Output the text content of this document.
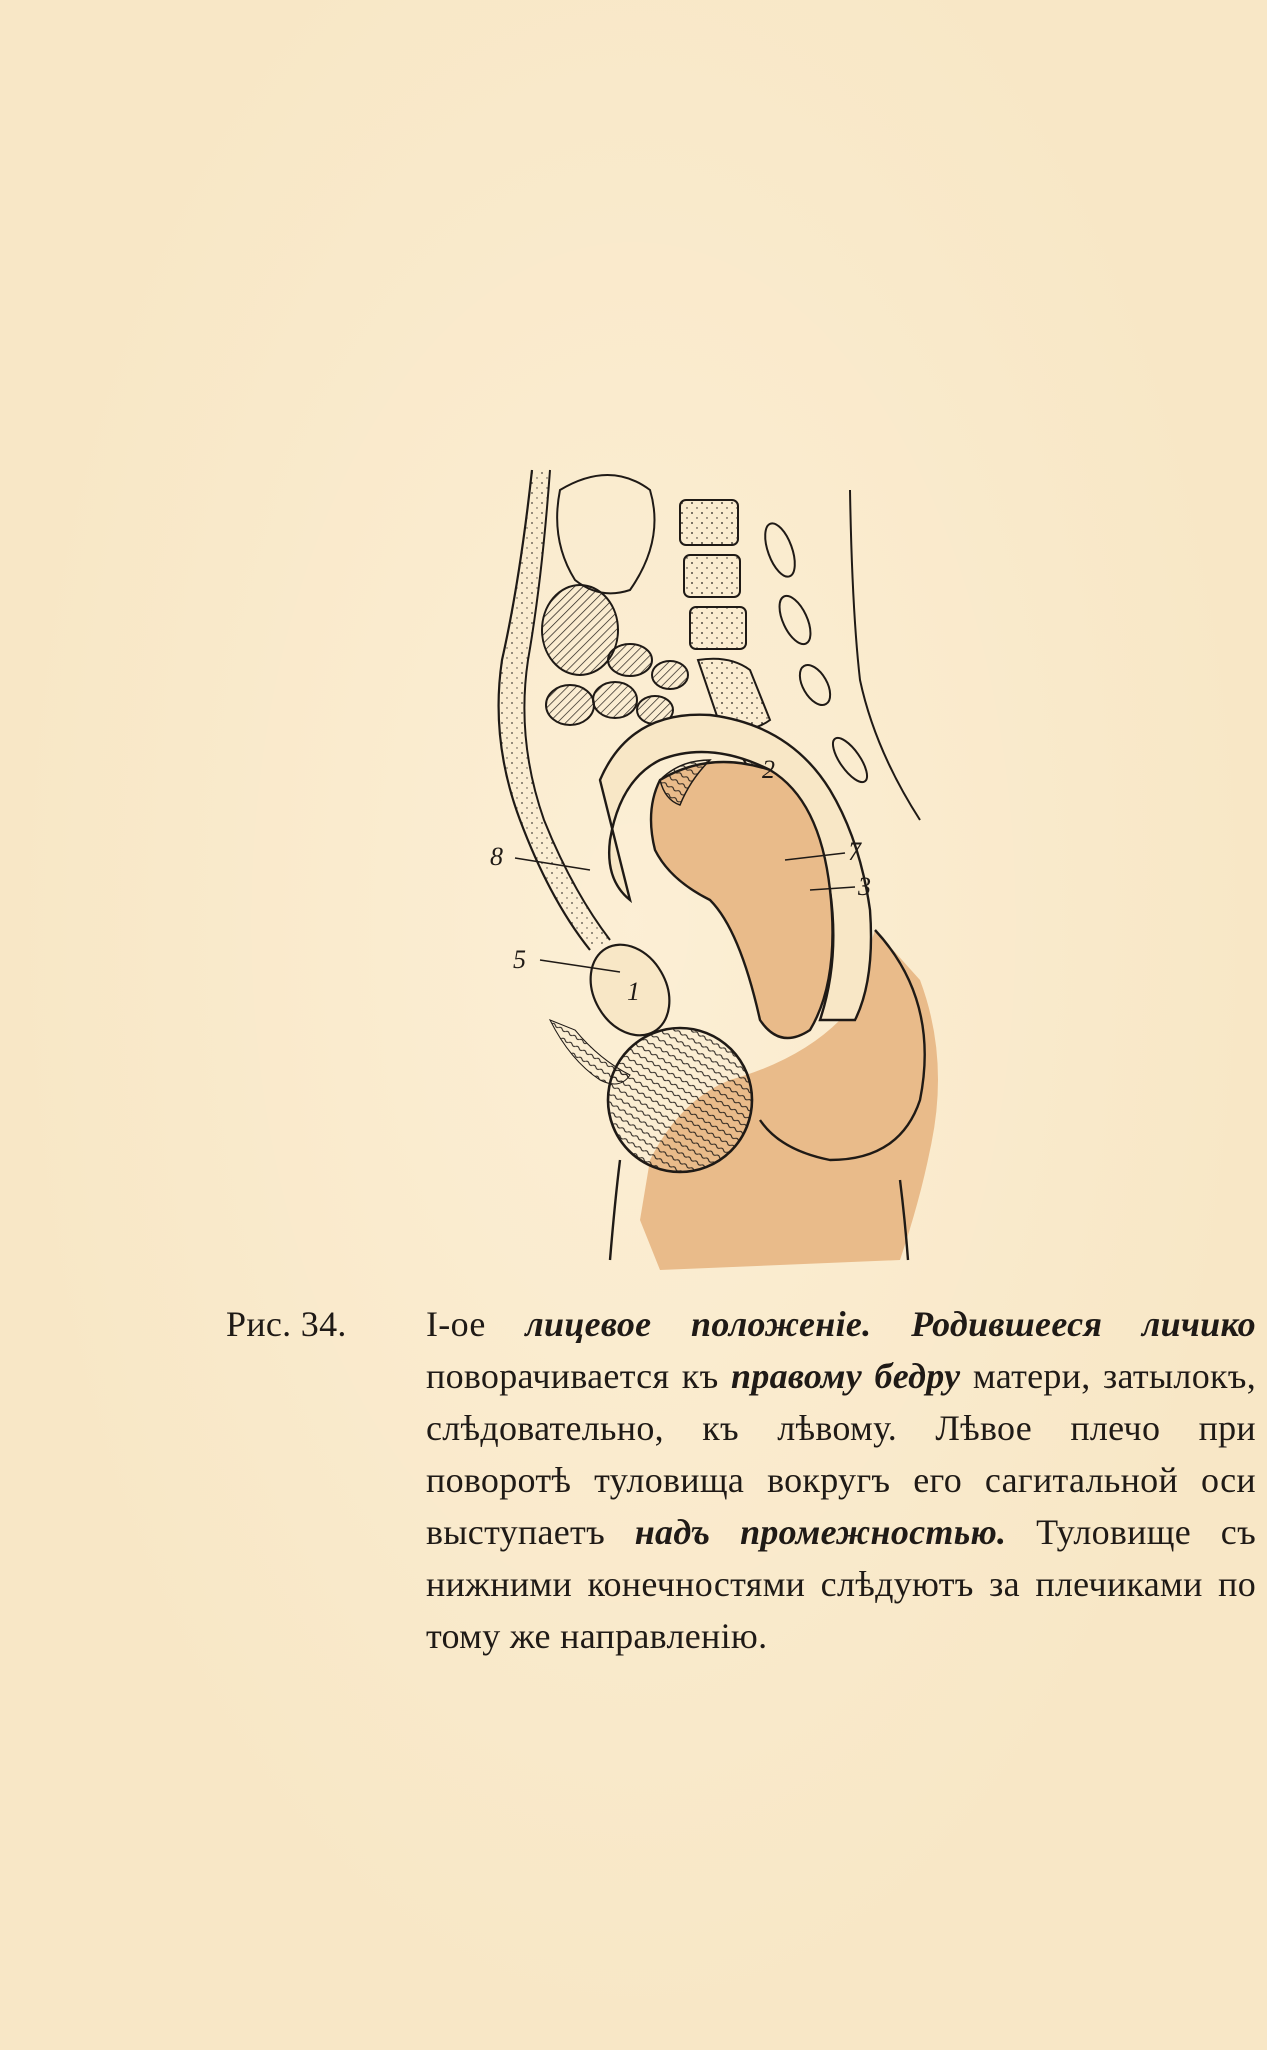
8
5
7
3
2
1
Рис. 34. I-ое лицевое положеніе. Родившееся личико поворачивается къ правому бедру матери, затылокъ, слѣдовательно, къ лѣвому. Лѣвое плечо при поворотѣ туловища вокругъ его сагитальной оси выступаетъ надъ промежностью. Туловище съ нижними конечностями слѣдуютъ за плечиками по тому же направленію.
